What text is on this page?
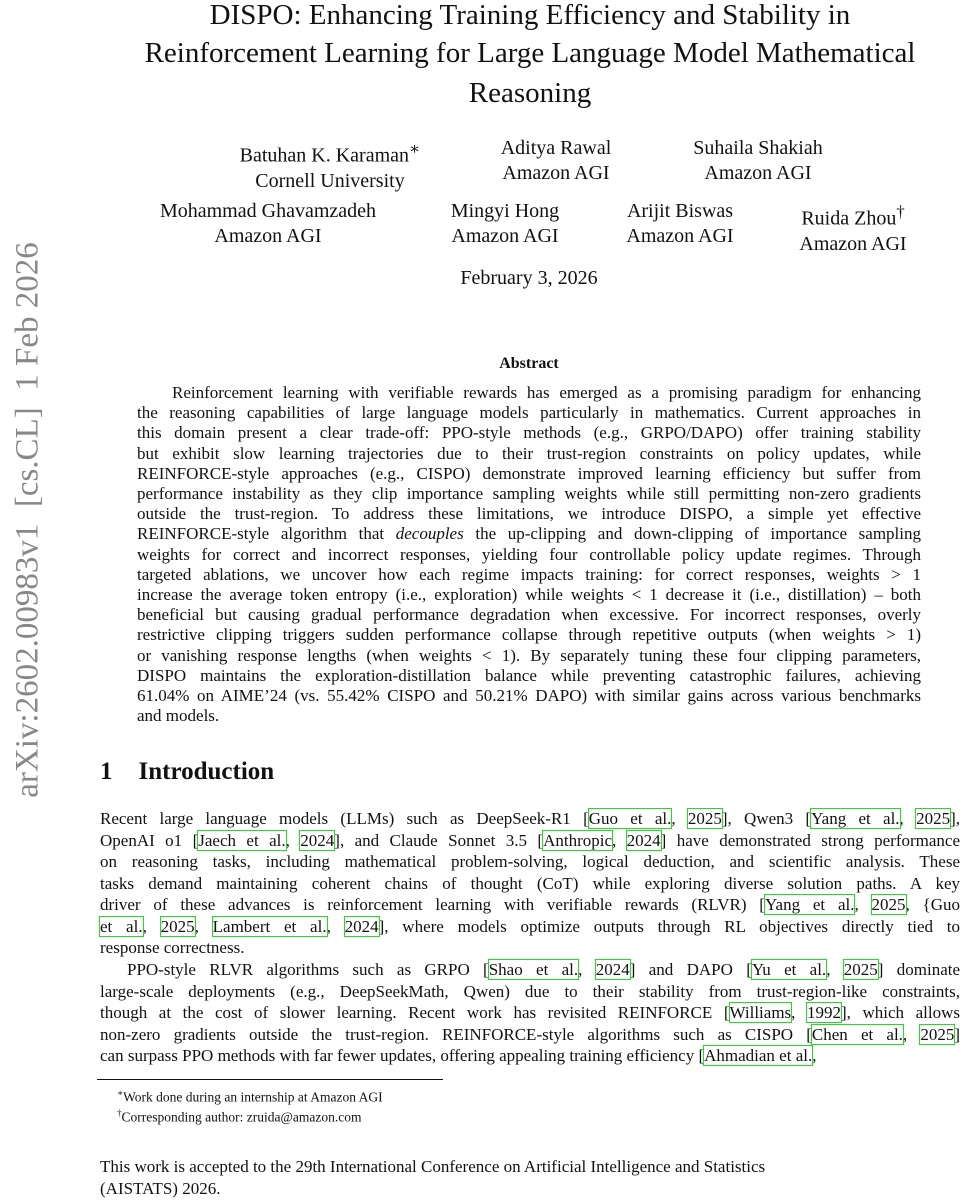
arXiv:2602.00983v1  [cs.CL]  1 Feb 2026
DISPO: Enhancing Training Efficiency and Stability in
Reinforcement Learning for Large Language Model Mathematical
Reasoning
Batuhan K. Karaman∗
Cornell University
Aditya Rawal
Amazon AGI
Suhaila Shakiah
Amazon AGI
Mohammad Ghavamzadeh
Amazon AGI
Mingyi Hong
Amazon AGI
Arijit Biswas
Amazon AGI
Ruida Zhou†
Amazon AGI
February 3, 2026
Abstract
Reinforcement learning with verifiable rewards has emerged as a promising paradigm for enhancing
the reasoning capabilities of large language models particularly in mathematics. Current approaches in
this domain present a clear trade-off: PPO-style methods (e.g., GRPO/DAPO) offer training stability
but exhibit slow learning trajectories due to their trust-region constraints on policy updates, while
REINFORCE-style approaches (e.g., CISPO) demonstrate improved learning efficiency but suffer from
performance instability as they clip importance sampling weights while still permitting non-zero gradients
outside the trust-region. To address these limitations, we introduce DISPO, a simple yet effective
REINFORCE-style algorithm that decouples the up-clipping and down-clipping of importance sampling
weights for correct and incorrect responses, yielding four controllable policy update regimes. Through
targeted ablations, we uncover how each regime impacts training: for correct responses, weights > 1
increase the average token entropy (i.e., exploration) while weights < 1 decrease it (i.e., distillation) – both
beneficial but causing gradual performance degradation when excessive. For incorrect responses, overly
restrictive clipping triggers sudden performance collapse through repetitive outputs (when weights > 1)
or vanishing response lengths (when weights < 1). By separately tuning these four clipping parameters,
DISPO maintains the exploration-distillation balance while preventing catastrophic failures, achieving
61.04% on AIME’24 (vs. 55.42% CISPO and 50.21% DAPO) with similar gains across various benchmarks
and models.
1 Introduction
Recent large language models (LLMs) such as DeepSeek-R1 [Guo et al., 2025], Qwen3 [Yang et al., 2025],
OpenAI o1 [Jaech et al., 2024], and Claude Sonnet 3.5 [Anthropic, 2024] have demonstrated strong performance
on reasoning tasks, including mathematical problem-solving, logical deduction, and scientific analysis. These
tasks demand maintaining coherent chains of thought (CoT) while exploring diverse solution paths. A key
driver of these advances is reinforcement learning with verifiable rewards (RLVR) [Yang et al., 2025, {Guo
et al., 2025, Lambert et al., 2024], where models optimize outputs through RL objectives directly tied to
response correctness.
PPO-style RLVR algorithms such as GRPO [Shao et al., 2024] and DAPO [Yu et al., 2025] dominate
large-scale deployments (e.g., DeepSeekMath, Qwen) due to their stability from trust-region-like constraints,
though at the cost of slower learning. Recent work has revisited REINFORCE [Williams, 1992], which allows
non-zero gradients outside the trust-region. REINFORCE-style algorithms such as CISPO [Chen et al., 2025]
can surpass PPO methods with far fewer updates, offering appealing training efficiency [Ahmadian et al.,
∗Work done during an internship at Amazon AGI
†Corresponding author: zruida@amazon.com
This work is accepted to the 29th International Conference on Artificial Intelligence and Statistics
(AISTATS) 2026.
